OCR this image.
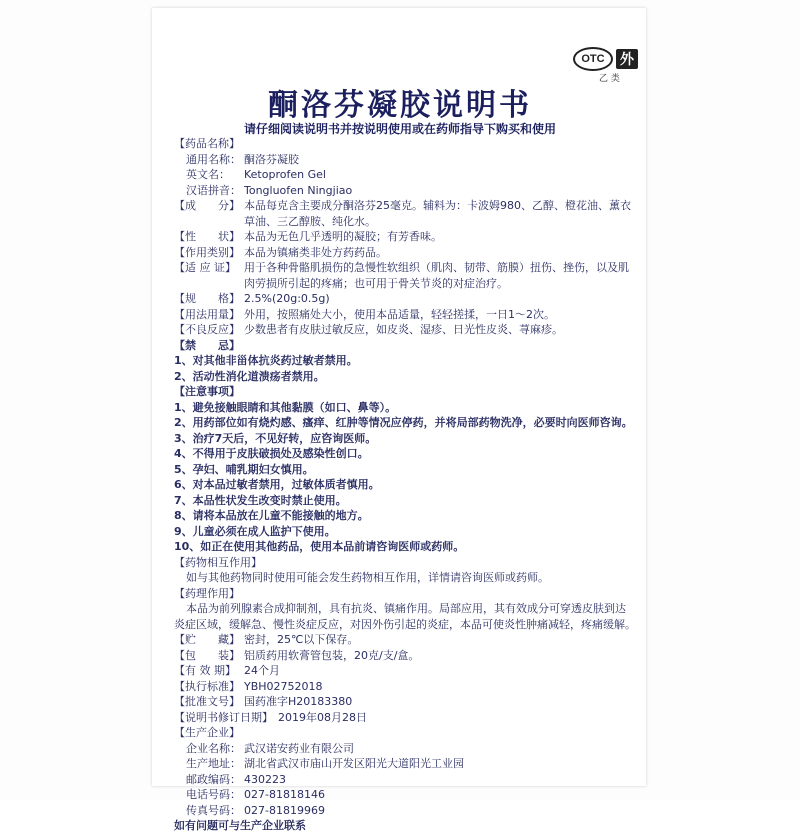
OTC	外
乙 类
酮洛芬凝胶说明书
请仔细阅读说明书并按说明使用或在药师指导下购买和使用
【药品名称】
通用名称： 酮洛芬凝胶
英文名：	Ketoprofen Gel
汉语拼音： Tongluofen Ningjiao
【成　　分】 本品每克含主要成分酮洛芬25毫克。辅料为：卡波姆980、乙醇、橙花油、薰衣草油、三乙醇胺、纯化水。
【性　　状】 本品为无色几乎透明的凝胶；有芳香味。
【作用类别】 本品为镇痛类非处方药药品。
【适 应 证】 用于各种骨骼肌损伤的急慢性软组织（肌肉、韧带、筋膜）扭伤、挫伤，以及肌肉劳损所引起的疼痛；也可用于骨关节炎的对症治疗。
【规　　格】 2.5%(20g:0.5g)
【用法用量】 外用，按照痛处大小，使用本品适量，轻轻搓揉，一日1～2次。
【不良反应】 少数患者有皮肤过敏反应，如皮炎、湿疹、日光性皮炎、荨麻疹。
【禁　　忌】
1、对其他非甾体抗炎药过敏者禁用。
2、活动性消化道溃疡者禁用。
【注意事项】
1、避免接触眼睛和其他黏膜（如口、鼻等）。
2、用药部位如有烧灼感、瘙痒、红肿等情况应停药，并将局部药物洗净，必要时向医师咨询。
3、治疗7天后，不见好转，应咨询医师。
4、不得用于皮肤破损处及感染性创口。
5、孕妇、哺乳期妇女慎用。
6、对本品过敏者禁用，过敏体质者慎用。
7、本品性状发生改变时禁止使用。
8、请将本品放在儿童不能接触的地方。
9、儿童必须在成人监护下使用。
10、如正在使用其他药品，使用本品前请咨询医师或药师。
【药物相互作用】
如与其他药物同时使用可能会发生药物相互作用，详情请咨询医师或药师。
【药理作用】
本品为前列腺素合成抑制剂，具有抗炎、镇痛作用。局部应用，其有效成分可穿透皮肤到达炎症区域，缓解急、慢性炎症反应，对因外伤引起的炎症，本品可使炎性肿痛减轻，疼痛缓解。
【贮　　藏】 密封，25℃以下保存。
【包　　装】 铝质药用软膏管包装，20克/支/盒。
【有 效 期】 24个月
【执行标准】 YBH02752018
【批准文号】 国药准字H20183380
【说明书修订日期】 2019年08月28日
【生产企业】
企业名称： 武汉诺安药业有限公司
生产地址： 湖北省武汉市庙山开发区阳光大道阳光工业园
邮政编码： 430223
电话号码： 027-81818146
传真号码： 027-81819969
如有问题可与生产企业联系
